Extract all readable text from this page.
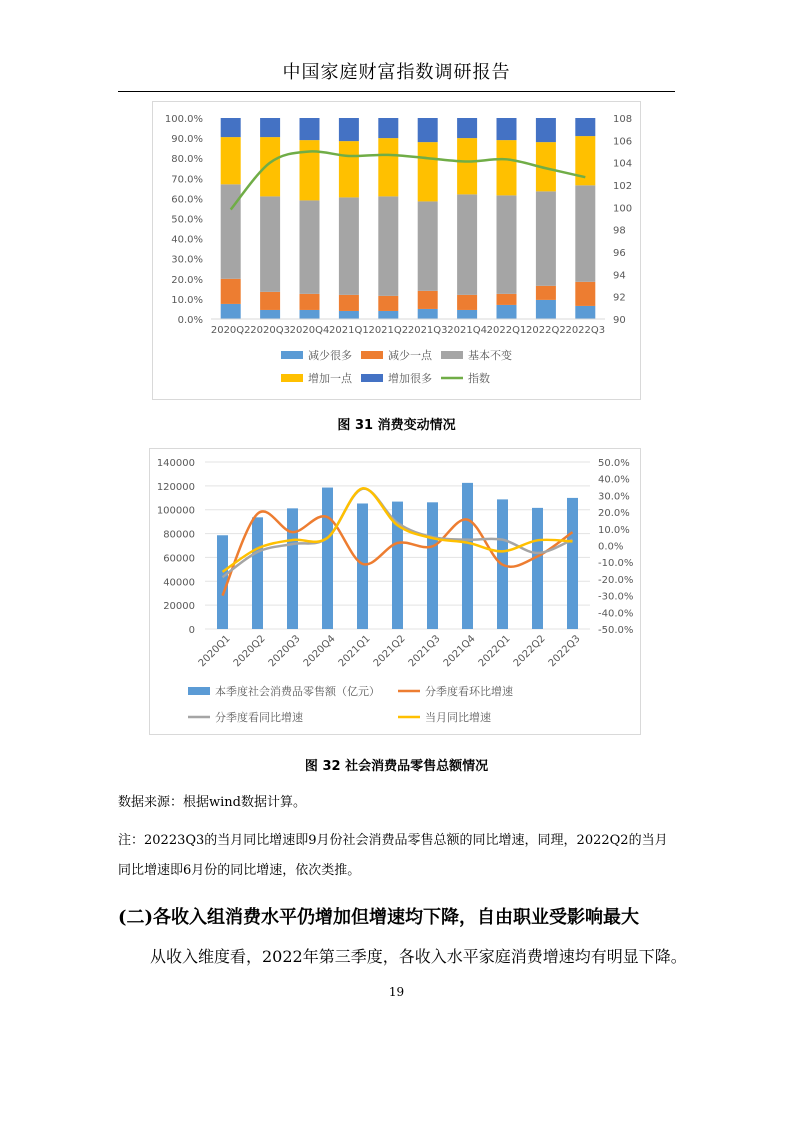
中国家庭财富指数调研报告
0.0%
10.0%
20.0%
30.0%
40.0%
50.0%
60.0%
70.0%
80.0%
90.0%
100.0%
90
92
94
96
98
100
102
104
106
108
2020Q2 2020Q3 2020Q4 2021Q1 2021Q2 2021Q3 2021Q4 2022Q1 2022Q2 2022Q3
减少很多	减少一点	基本不变
增加一点	增加很多	指数
图 31 消费变动情况
0
20000
40000
60000
80000
100000
120000
140000
-50.0%
-40.0%
-30.0%
-20.0%
-10.0%
0.0%
10.0%
20.0%
30.0%
40.0%
50.0%
2020Q1 2020Q2 2020Q3 2020Q4 2021Q1 2021Q2 2021Q3 2021Q4 2022Q1 2022Q2 2022Q3
本季度社会消费品零售额（亿元）	分季度看环比增速
分季度看同比增速	当月同比增速
图 32 社会消费品零售总额情况
数据来源：根据wind数据计算。
注：20223Q3的当月同比增速即9月份社会消费品零售总额的同比增速，同理，2022Q2的当月同比增速即6月份的同比增速，依次类推。
(二)各收入组消费水平仍增加但增速均下降，自由职业受影响最大
从收入维度看，2022年第三季度，各收入水平家庭消费增速均有明显下降。
19
